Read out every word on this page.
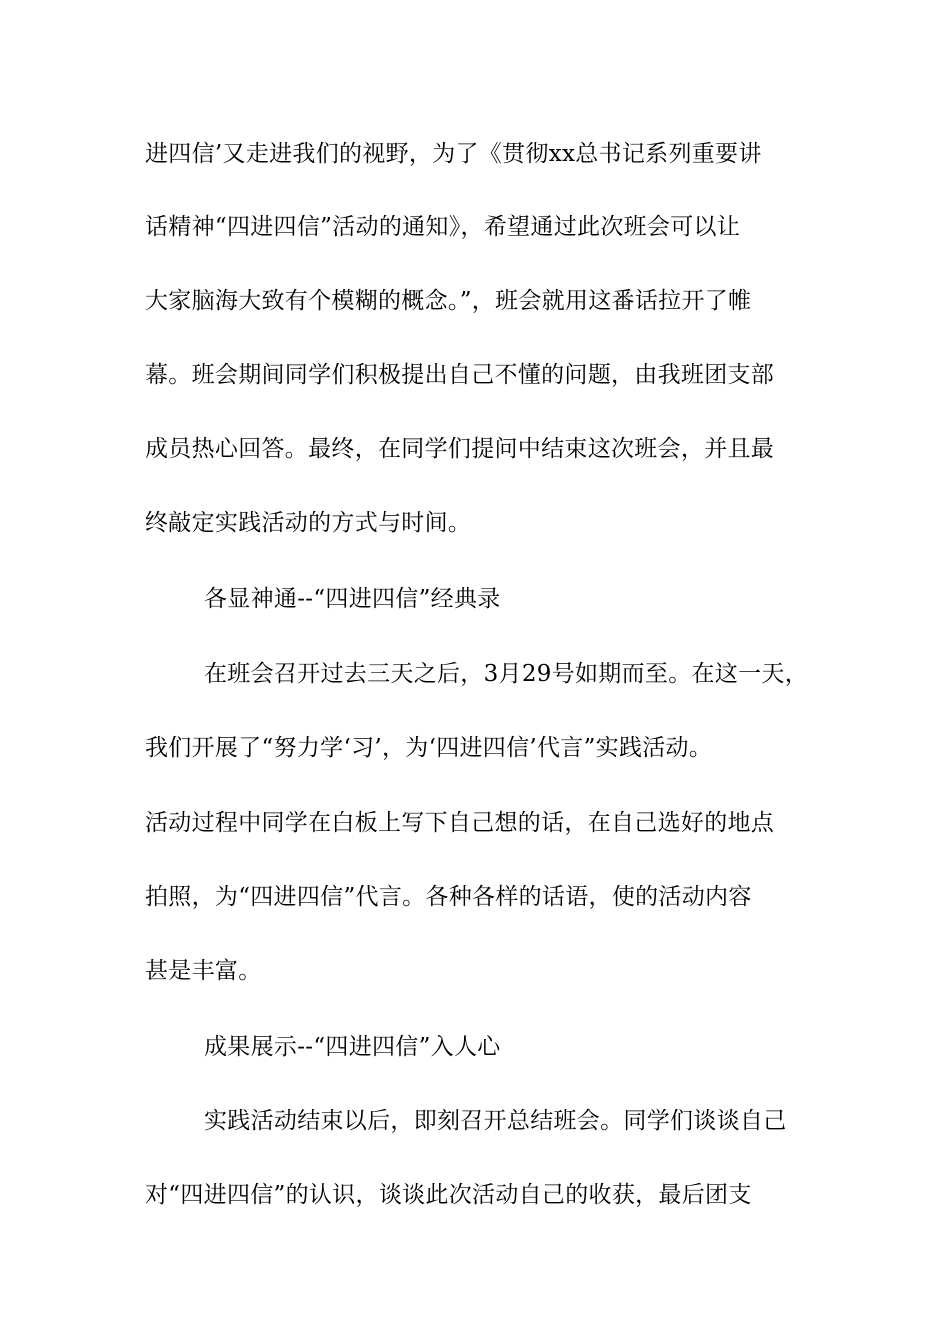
进四信’又走进我们的视野，为了《贯彻xx总书记系列重要讲
话精神“四进四信”活动的通知》，希望通过此次班会可以让
大家脑海大致有个模糊的概念。”，班会就用这番话拉开了帷
幕。班会期间同学们积极提出自己不懂的问题，由我班团支部
成员热心回答。最终，在同学们提问中结束这次班会，并且最
终敲定实践活动的方式与时间。
各显神通--“四进四信”经典录
在班会召开过去三天之后，3月29号如期而至。在这一天，
我们开展了“努力学‘习’，为‘四进四信’代言”实践活动。
活动过程中同学在白板上写下自己想的话，在自己选好的地点
拍照，为“四进四信”代言。各种各样的话语，使的活动内容
甚是丰富。
成果展示--“四进四信”入人心
实践活动结束以后，即刻召开总结班会。同学们谈谈自己
对“四进四信”的认识，谈谈此次活动自己的收获，最后团支
